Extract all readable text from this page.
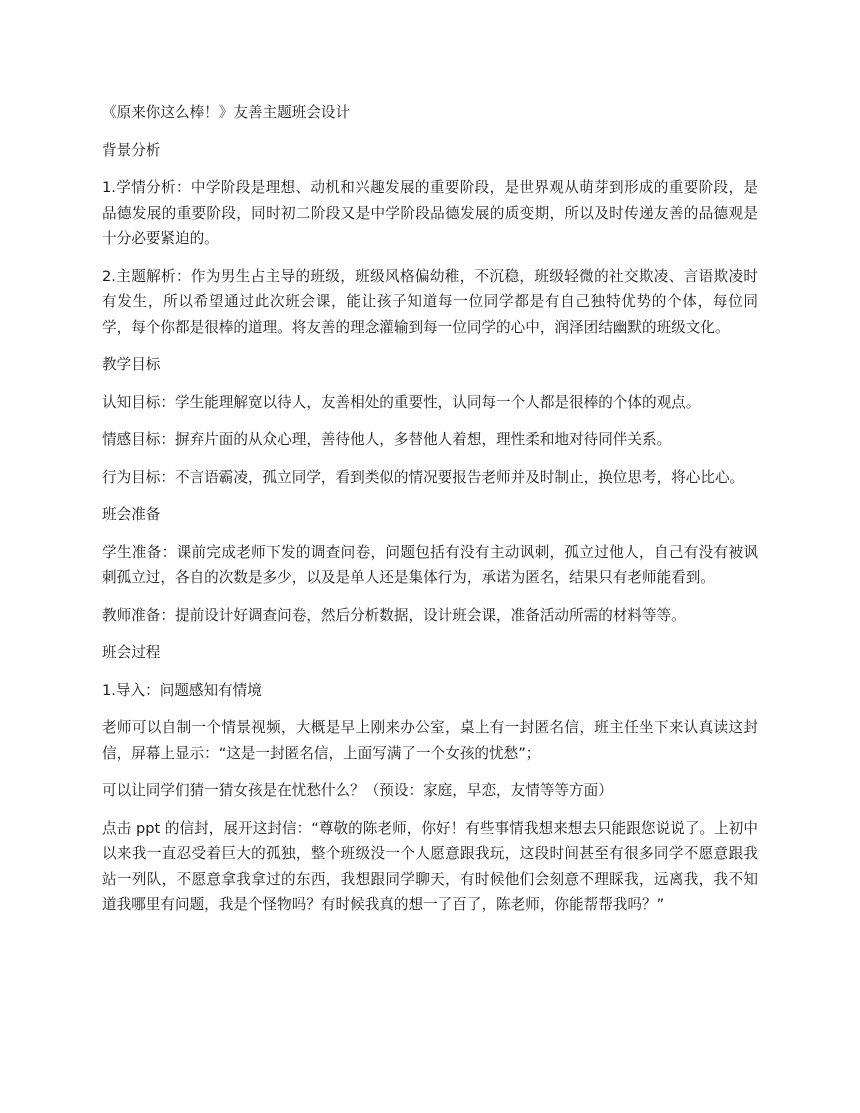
《原来你这么棒！》友善主题班会设计

背景分析

1.学情分析：中学阶段是理想、动机和兴趣发展的重要阶段，是世界观从萌芽到形成的重要阶段，是品德发展的重要阶段，同时初二阶段又是中学阶段品德发展的质变期，所以及时传递友善的品德观是十分必要紧迫的。

2.主题解析：作为男生占主导的班级，班级风格偏幼稚，不沉稳，班级轻微的社交欺凌、言语欺凌时有发生，所以希望通过此次班会课，能让孩子知道每一位同学都是有自己独特优势的个体，每位同学，每个你都是很棒的道理。将友善的理念灌输到每一位同学的心中，润泽团结幽默的班级文化。

教学目标

认知目标：学生能理解宽以待人，友善相处的重要性，认同每一个人都是很棒的个体的观点。

情感目标：摒弃片面的从众心理，善待他人，多替他人着想，理性柔和地对待同伴关系。

行为目标：不言语霸凌，孤立同学，看到类似的情况要报告老师并及时制止，换位思考，将心比心。

班会准备

学生准备：课前完成老师下发的调查问卷，问题包括有没有主动讽刺，孤立过他人，自己有没有被讽刺孤立过，各自的次数是多少，以及是单人还是集体行为，承诺为匿名，结果只有老师能看到。

教师准备：提前设计好调查问卷，然后分析数据，设计班会课，准备活动所需的材料等等。

班会过程

1.导入：问题感知有情境

老师可以自制一个情景视频，大概是早上刚来办公室，桌上有一封匿名信，班主任坐下来认真读这封信，屏幕上显示：“这是一封匿名信，上面写满了一个女孩的忧愁”；

可以让同学们猜一猜女孩是在忧愁什么？（预设：家庭，早恋，友情等等方面）

点击 ppt 的信封，展开这封信：“尊敬的陈老师，你好！有些事情我想来想去只能跟您说说了。上初中以来我一直忍受着巨大的孤独，整个班级没一个人愿意跟我玩，这段时间甚至有很多同学不愿意跟我站一列队，不愿意拿我拿过的东西，我想跟同学聊天，有时候他们会刻意不理睬我，远离我，我不知道我哪里有问题，我是个怪物吗？有时候我真的想一了百了，陈老师，你能帮帮我吗？”
